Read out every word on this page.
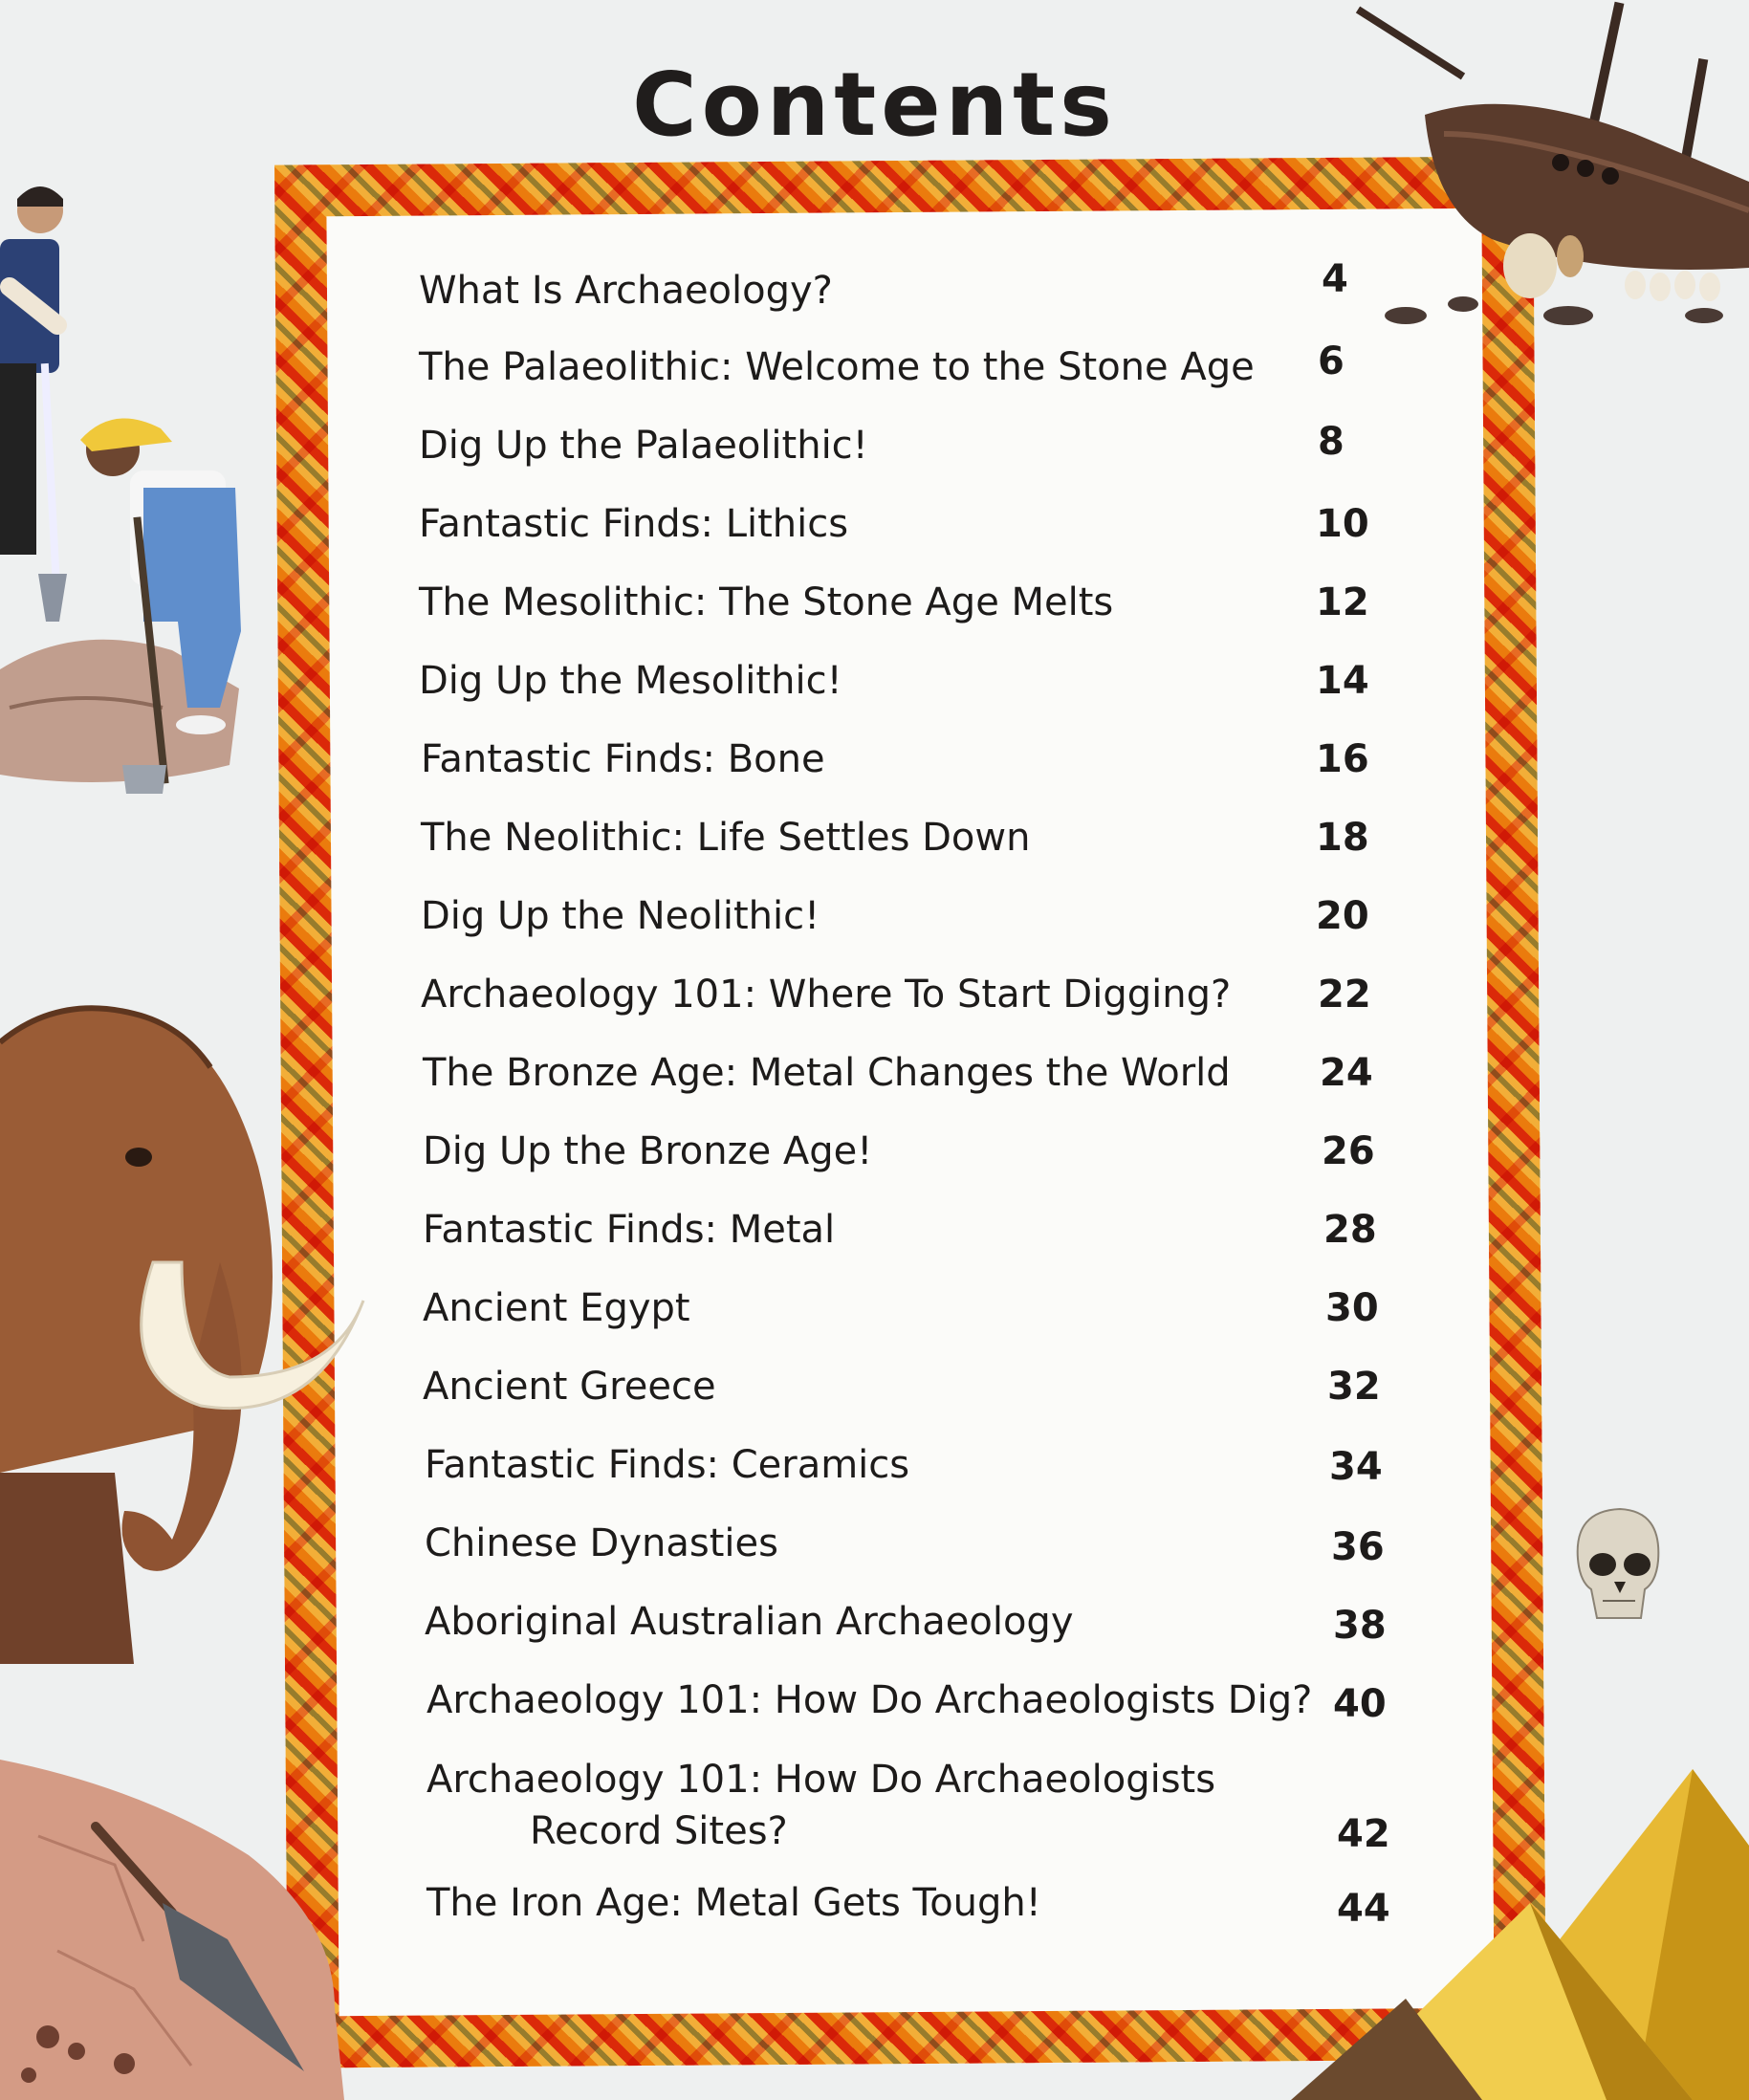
Contents
What Is Archaeology?	4
The Palaeolithic: Welcome to the Stone Age 6
Dig Up the Palaeolithic!	8
Fantastic Finds: Lithics	10
The Mesolithic: The Stone Age Melts	12
Dig Up the Mesolithic!	14
Fantastic Finds: Bone	16
The Neolithic: Life Settles Down	18
Dig Up the Neolithic!	20
Archaeology 101: Where To Start Digging? 22
The Bronze Age: Metal Changes the World 24
Dig Up the Bronze Age!	26
Fantastic Finds: Metal	28
Ancient Egypt	30
Ancient Greece	32
Fantastic Finds: Ceramics	34
Chinese Dynasties	36
Aboriginal Australian Archaeology	38
Archaeology 101: How Do Archaeologists Dig? 40
Archaeology 101: How Do Archaeologists
Record Sites?	42
The Iron Age: Metal Gets Tough!	44
